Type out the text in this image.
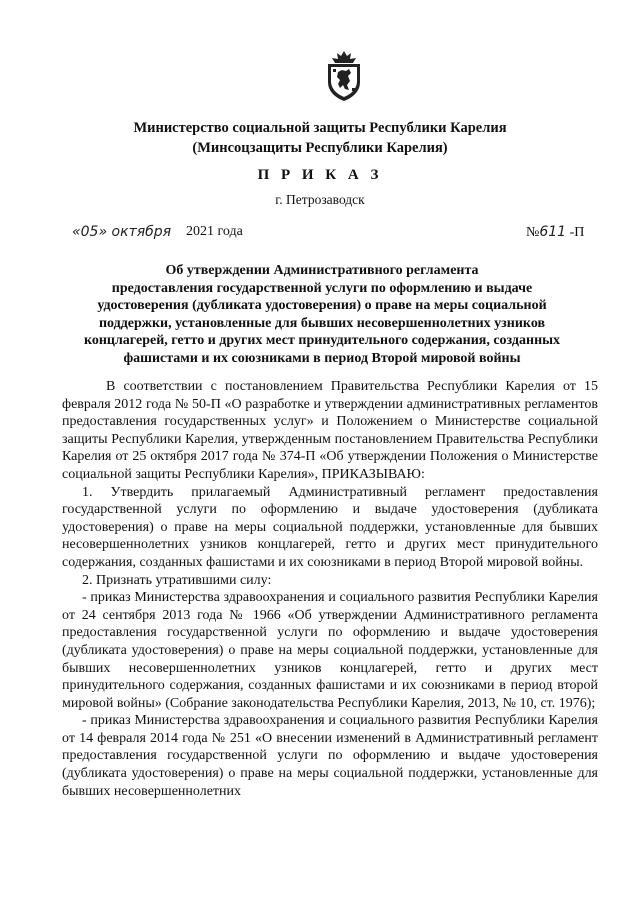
Министерство социальной защиты Республики Карелия
(Минсоцзащиты Республики Карелия)
П Р И К А З
г. Петрозаводск
«05» октября 2021 года	№611 -П
Об утверждении Административного регламента
предоставления государственной услуги по оформлению и выдаче
удостоверения (дубликата удостоверения) о праве на меры социальной
поддержки, установленные для бывших несовершеннолетних узников
концлагерей, гетто и других мест принудительного содержания, созданных
фашистами и их союзниками в период Второй мировой войны

В соответствии с постановлением Правительства Республики Карелия от 15 февраля 2012 года № 50-П «О разработке и утверждении административных регламентов предоставления государственных услуг» и Положением о Министерстве социальной защиты Республики Карелия, утвержденным постановлением Правительства Республики Карелия от 25 октября 2017 года № 374-П «Об утверждении Положения о Министерстве социальной защиты Республики Карелия», ПРИКАЗЫВАЮ:

1. Утвердить прилагаемый Административный регламент предоставления государственной услуги по оформлению и выдаче удостоверения (дубликата удостоверения) о праве на меры социальной поддержки, установленные для бывших несовершеннолетних узников концлагерей, гетто и других мест принудительного содержания, созданных фашистами и их союзниками в период Второй мировой войны.

2. Признать утратившими силу:

- приказ Министерства здравоохранения и социального развития Республики Карелия от 24 сентября 2013 года № 1966 «Об утверждении Административного регламента предоставления государственной услуги по оформлению и выдаче удостоверения (дубликата удостоверения) о праве на меры социальной поддержки, установленные для бывших несовершеннолетних узников концлагерей, гетто и других мест принудительного содержания, созданных фашистами и их союзниками в период второй мировой войны» (Собрание законодательства Республики Карелия, 2013, № 10, ст. 1976);

- приказ Министерства здравоохранения и социального развития Республики Карелия от 14 февраля 2014 года № 251 «О внесении изменений в Административный регламент предоставления государственной услуги по оформлению и выдаче удостоверения (дубликата удостоверения) о праве на меры социальной поддержки, установленные для бывших несовершеннолетних
